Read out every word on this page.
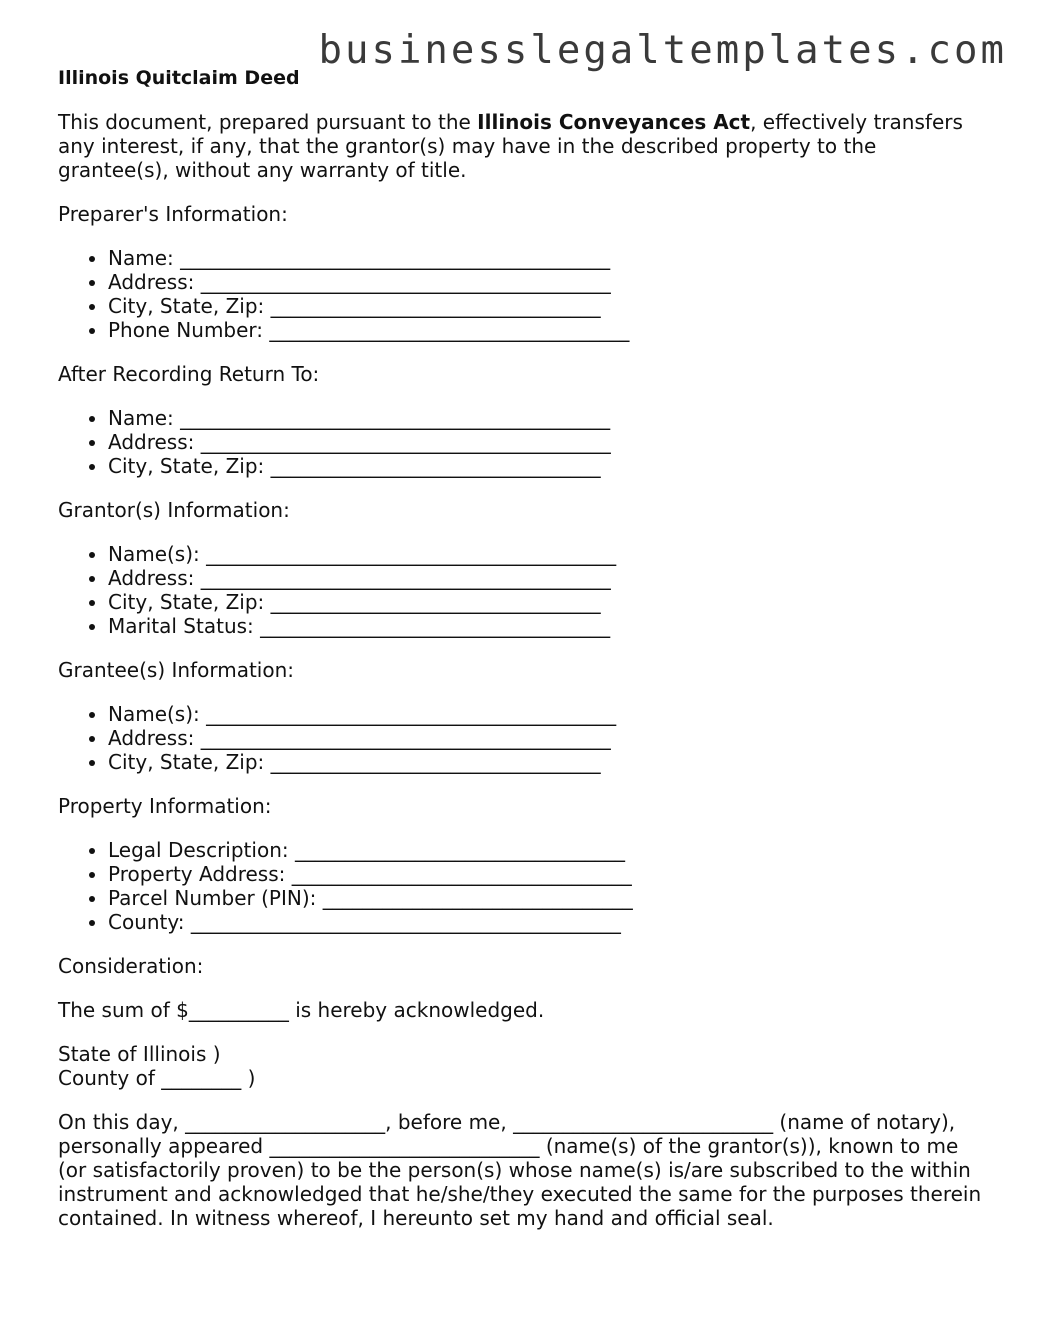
businesslegaltemplates.com
Illinois Quitclaim Deed

This document, prepared pursuant to the Illinois Conveyances Act, effectively transfers any interest, if any, that the grantor(s) may have in the described property to the grantee(s), without any warranty of title.

Preparer's Information:

• Name: ___________________________________________
• Address: _________________________________________
• City, State, Zip: _________________________________
• Phone Number: ____________________________________

After Recording Return To:

• Name: ___________________________________________
• Address: _________________________________________
• City, State, Zip: _________________________________

Grantor(s) Information:

• Name(s): _________________________________________
• Address: _________________________________________
• City, State, Zip: _________________________________
• Marital Status: ___________________________________

Grantee(s) Information:

• Name(s): _________________________________________
• Address: _________________________________________
• City, State, Zip: _________________________________

Property Information:

• Legal Description: _________________________________
• Property Address: __________________________________
• Parcel Number (PIN): _______________________________
• County: ___________________________________________

Consideration:

The sum of $__________ is hereby acknowledged.

State of Illinois )
County of ________ )

On this day, ____________________, before me, __________________________ (name of notary), personally appeared ___________________________ (name(s) of the grantor(s)), known to me (or satisfactorily proven) to be the person(s) whose name(s) is/are subscribed to the within instrument and acknowledged that he/she/they executed the same for the purposes therein contained. In witness whereof, I hereunto set my hand and official seal.
